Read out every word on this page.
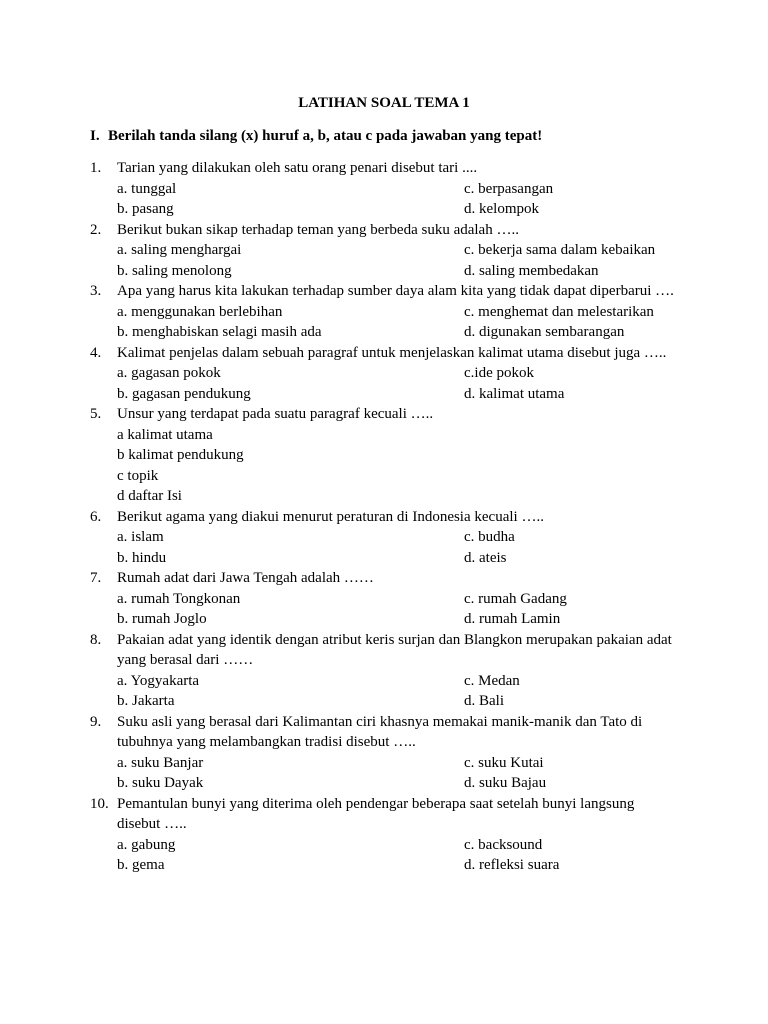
LATIHAN SOAL TEMA 1
I. Berilah tanda silang (x) huruf a, b, atau c pada jawaban yang tepat!
1. Tarian yang dilakukan oleh satu orang penari disebut tari ....
a. tunggal	c. berpasangan
b. pasang	d. kelompok
2. Berikut bukan sikap terhadap teman yang berbeda suku adalah …..
a. saling menghargai	c. bekerja sama dalam kebaikan
b. saling menolong	d. saling membedakan
3. Apa yang harus kita lakukan terhadap sumber daya alam kita yang tidak dapat diperbarui ….
a. menggunakan berlebihan	c. menghemat dan melestarikan
b. menghabiskan selagi masih ada	d. digunakan sembarangan
4. Kalimat penjelas dalam sebuah paragraf untuk menjelaskan kalimat utama disebut juga …..
a. gagasan pokok	c.ide pokok
b. gagasan pendukung	d. kalimat utama
5. Unsur yang terdapat pada suatu paragraf kecuali …..
a kalimat utama
b kalimat pendukung
c topik
d daftar Isi
6. Berikut agama yang diakui menurut peraturan di Indonesia kecuali …..
a. islam	c. budha
b. hindu	d. ateis
7. Rumah adat dari Jawa Tengah adalah ……
a. rumah Tongkonan	c. rumah Gadang
b. rumah Joglo	d. rumah Lamin
8. Pakaian adat yang identik dengan atribut keris surjan dan Blangkon merupakan pakaian adat
yang berasal dari ……
a. Yogyakarta	c. Medan
b. Jakarta	d. Bali
9. Suku asli yang berasal dari Kalimantan ciri khasnya memakai manik-manik dan Tato di
tubuhnya yang melambangkan tradisi disebut …..
a. suku Banjar	c. suku Kutai
b. suku Dayak	d. suku Bajau
10. Pemantulan bunyi yang diterima oleh pendengar beberapa saat setelah bunyi langsung
disebut …..
a. gabung	c. backsound
b. gema	d. refleksi suara
